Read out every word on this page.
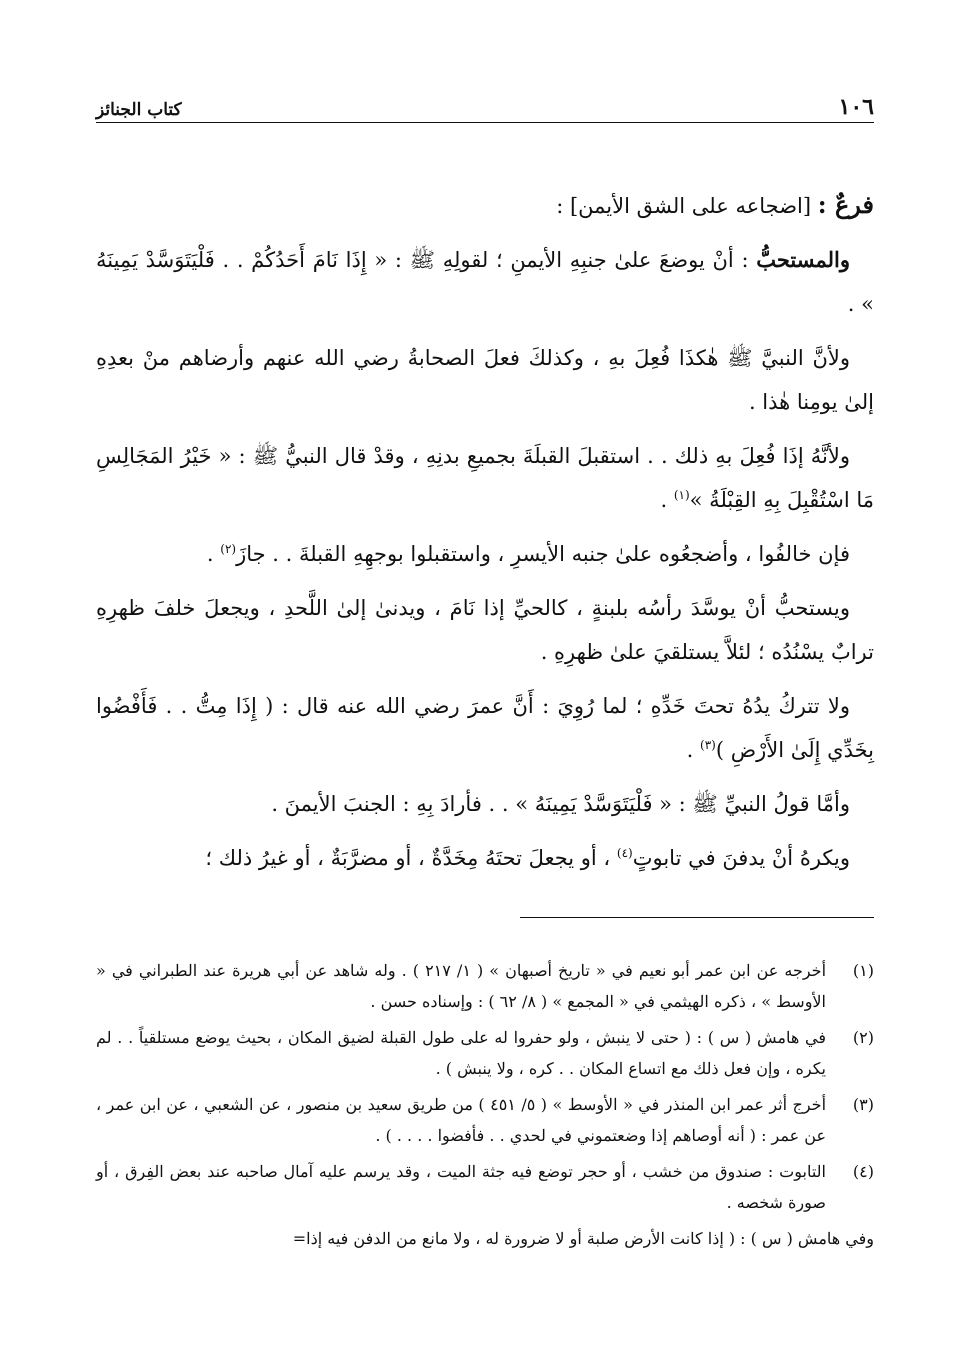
١٠٦
كتاب الجنائز

فرعٌ : [اضجاعه على الشق الأيمن] :

والمستحبُّ : أنْ يوضعَ علىٰ جنبِهِ الأيمنِ ؛ لقولِهِ ﷺ : « إِذَا نَامَ أَحَدُكُمْ . . فَلْيَتَوَسَّدْ يَمِينَهُ » .

ولأنَّ النبيَّ ﷺ هٰكذَا فُعِلَ بهِ ، وكذلكَ فعلَ الصحابةُ رضي الله عنهم وأرضاهم منْ بعدِهِ إلىٰ يومِنا هٰذا .

ولأنَّهُ إذَا فُعِلَ بهِ ذلك . . استقبلَ القبلَةَ بجميعِ بدنِهِ ، وقدْ قال النبيُّ ﷺ : « خَيْرُ المَجَالِسِ مَا اسْتُقْبِلَ بِهِ القِبْلَةُ »$^{(١)}$ .

فإن خالفُوا ، وأضجعُوه علىٰ جنبه الأيسرِ ، واستقبلوا بوجهِهِ القبلةَ . . جازَ$^{(٢)}$ .

ويستحبُّ أنْ يوسَّدَ رأسُه بلبنةٍ ، كالحيِّ إذا نَامَ ، ويدنىٰ إلىٰ اللَّحدِ ، ويجعلَ خلفَ ظهرِهِ ترابٌ يسْنُدُه ؛ لئلاَّ يستلقيَ علىٰ ظهرِهِ .

ولا تتركُ يدُهُ تحتَ خَدِّهِ ؛ لما رُوِيَ : أَنَّ عمرَ رضي الله عنه قال : ( إِذَا مِتُّ . . فَأَفْضُوا بِخَدِّي إِلَىٰ الأَرْضِ )$^{(٣)}$ .

وأمَّا قولُ النبيِّ ﷺ : « فَلْيَتَوَسَّدْ يَمِينَهُ » . . فأرادَ بِهِ : الجنبَ الأيمنَ .

ويكرهُ أنْ يدفنَ في تابوتٍ$^{(٤)}$ ، أو يجعلَ تحتَهُ مِخَدَّةٌ ، أو مضرَّبَةٌ ، أو غيرُ ذلك ؛

(١)
أخرجه عن ابن عمر أبو نعيم في « تاريخ أصبهان » ( ١/ ٢١٧ ) . وله شاهد عن أبي هريرة عند الطبراني في « الأوسط » ، ذكره الهيثمي في « المجمع » ( ٨/ ٦٢ ) : وإسناده حسن .
(٢)
في هامش ( س ) : ( حتى لا ينبش ، ولو حفروا له على طول القبلة لضيق المكان ، بحيث يوضع مستلقياً . . لم يكره ، وإن فعل ذلك مع اتساع المكان . . كره ، ولا ينبش ) .
(٣)
أخرج أثر عمر ابن المنذر في « الأوسط » ( ٥/ ٤٥١ ) من طريق سعيد بن منصور ، عن الشعبي ، عن ابن عمر ، عن عمر : ( أنه أوصاهم إذا وضعتموني في لحدي . . فأفضوا . . . . ) .
(٤)
التابوت : صندوق من خشب ، أو حجر توضع فيه جثة الميت ، وقد يرسم عليه آمال صاحبه عند بعض الفِرق ، أو صورة شخصه .
وفي هامش ( س ) : ( إذا كانت الأرض صلبة أو لا ضرورة له ، ولا مانع من الدفن فيه إذا=
